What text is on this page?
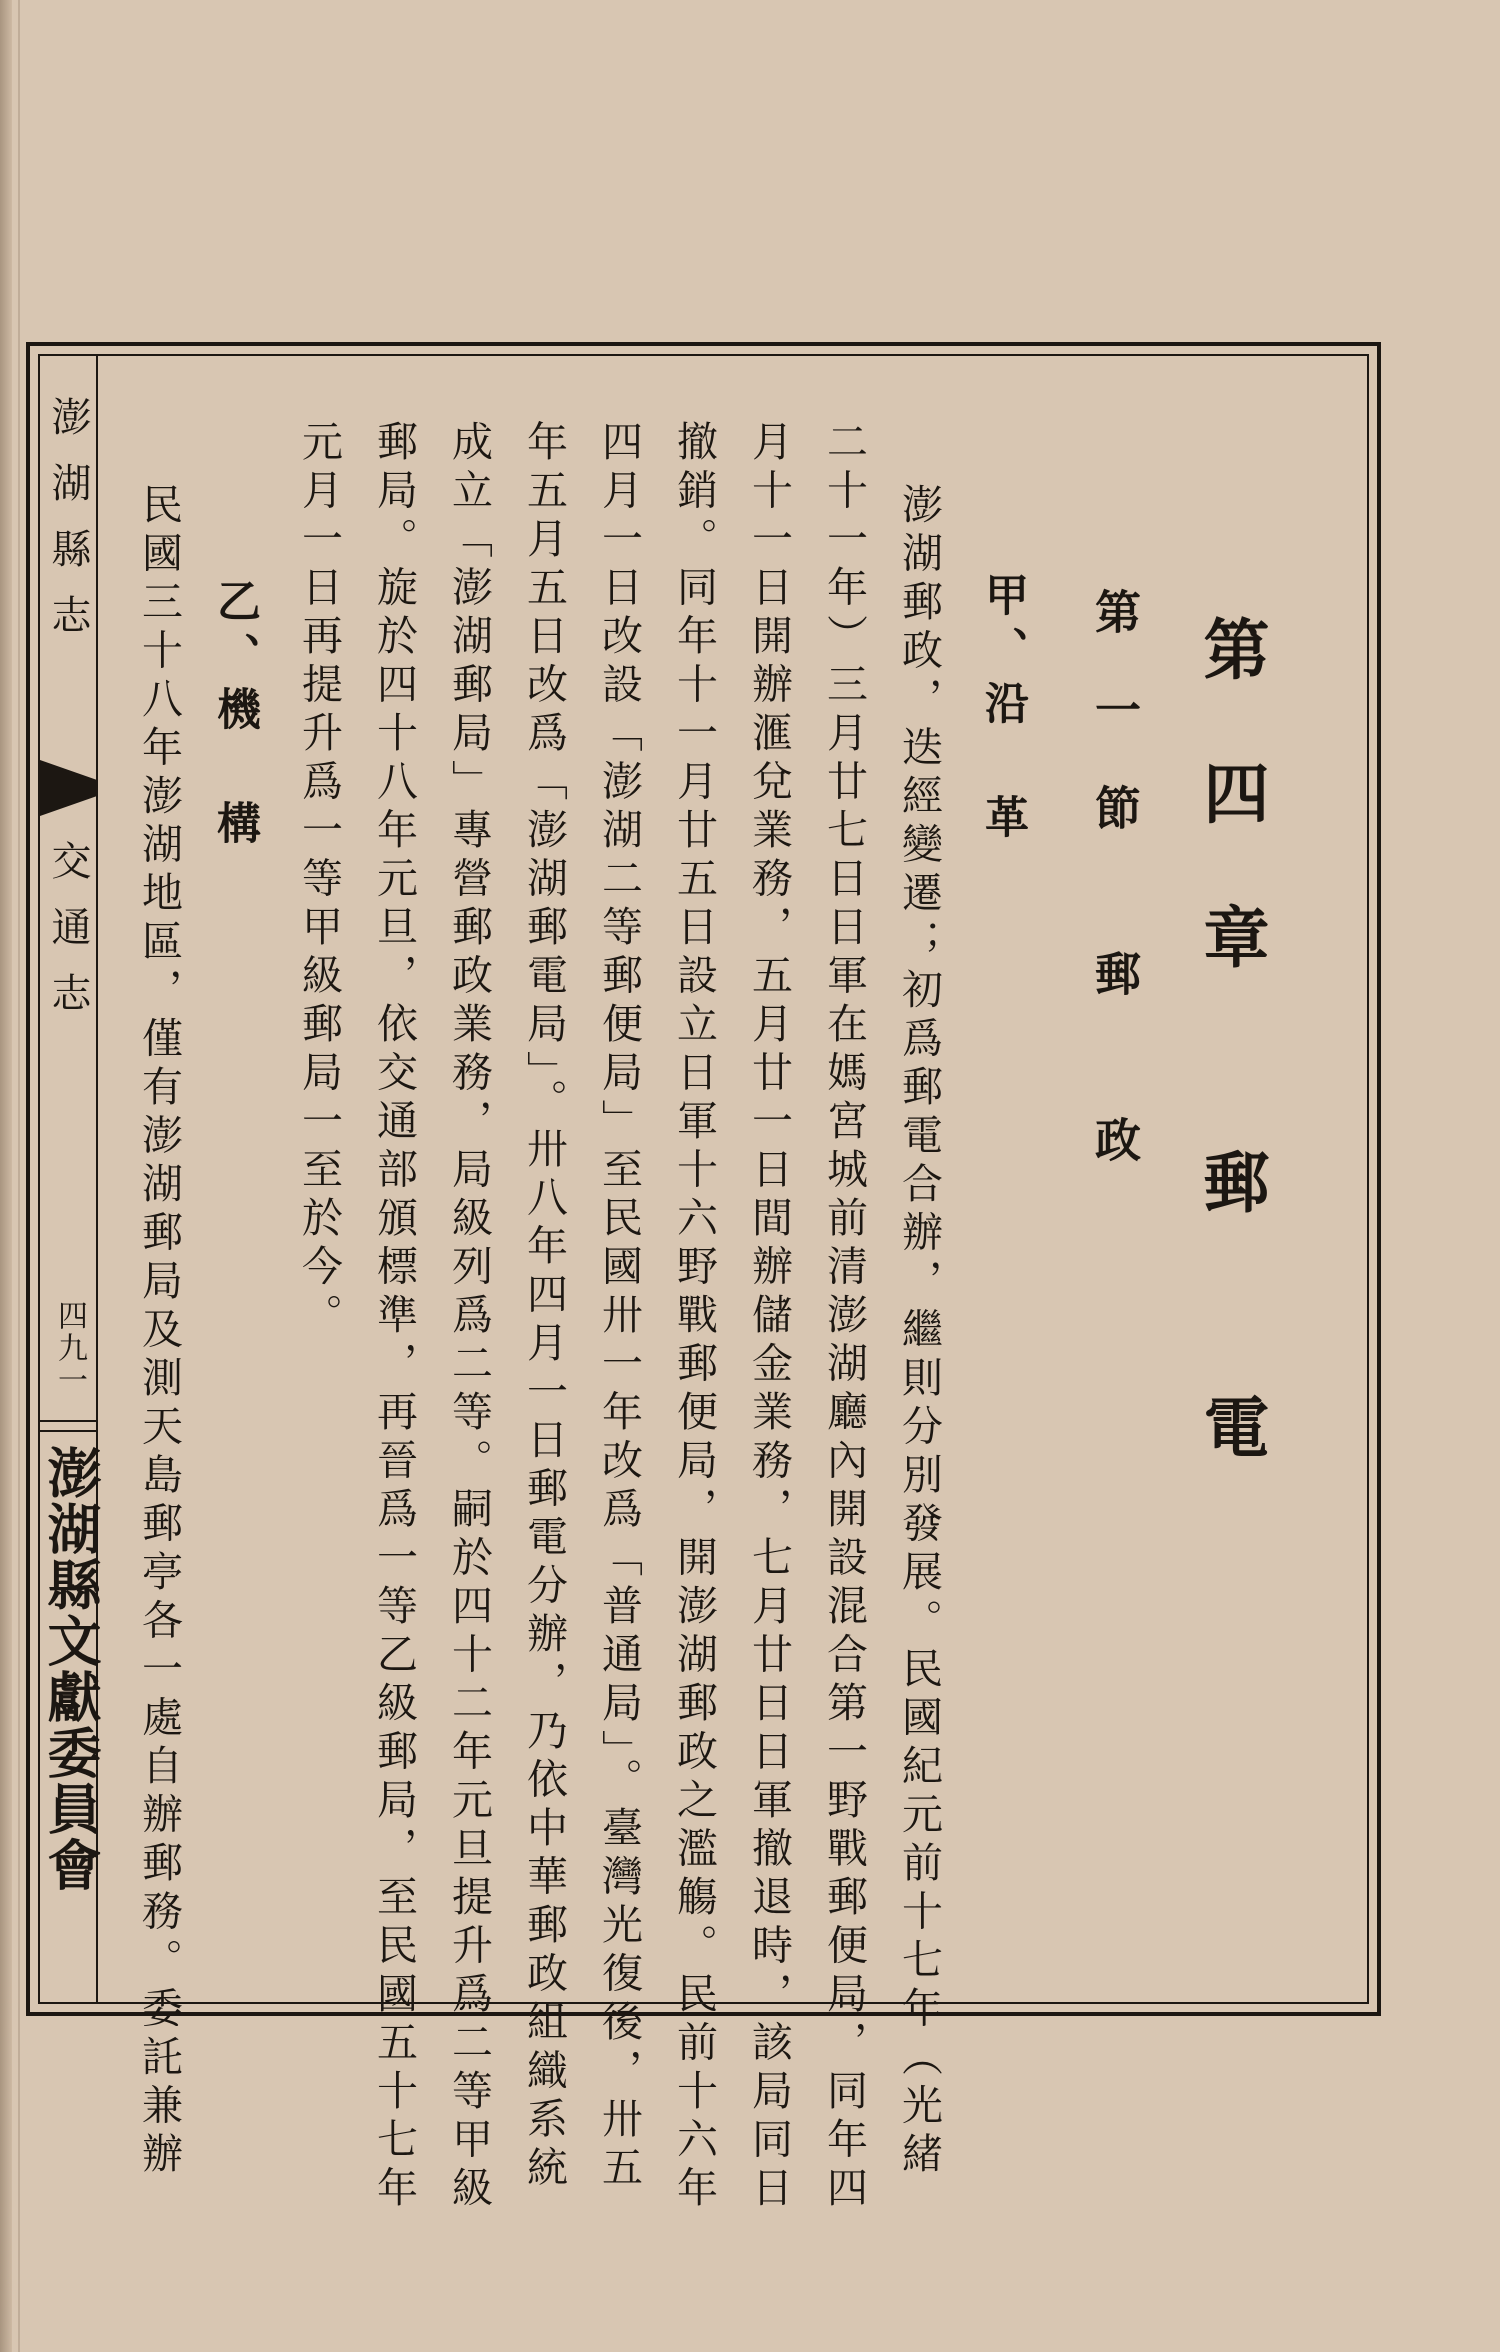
第四章 郵 電
第一節 郵 政
甲、沿革
澎湖郵政，迭經變遷；初爲郵電合辦，繼則分別發展。民國紀元前十七年（光緒
二十一年）三月廿七日日軍在媽宮城前清澎湖廳內開設混合第一野戰郵便局，同年四
月十一日開辦滙兌業務，五月廿一日間辦儲金業務，七月廿日日軍撤退時，該局同日
撤銷。同年十一月廿五日設立日軍十六野戰郵便局，開澎湖郵政之濫觴。民前十六年
四月一日改設「澎湖二等郵便局」至民國卅一年改爲「普通局」。臺灣光復後，卅五
年五月五日改爲「澎湖郵電局」。卅八年四月一日郵電分辦，乃依中華郵政組織系統
成立「澎湖郵局」專營郵政業務，局級列爲二等。嗣於四十二年元旦提升爲二等甲級
郵局。旋於四十八年元旦，依交通部頒標準，再晉爲一等乙級郵局，至民國五十七年
元月一日再提升爲一等甲級郵局一至於今。
乙、機構
民國三十八年澎湖地區，僅有澎湖郵局及測天島郵亭各一處自辦郵務。委託兼辦
澎湖縣志
交通志
四九一
澎湖縣文獻委員會
